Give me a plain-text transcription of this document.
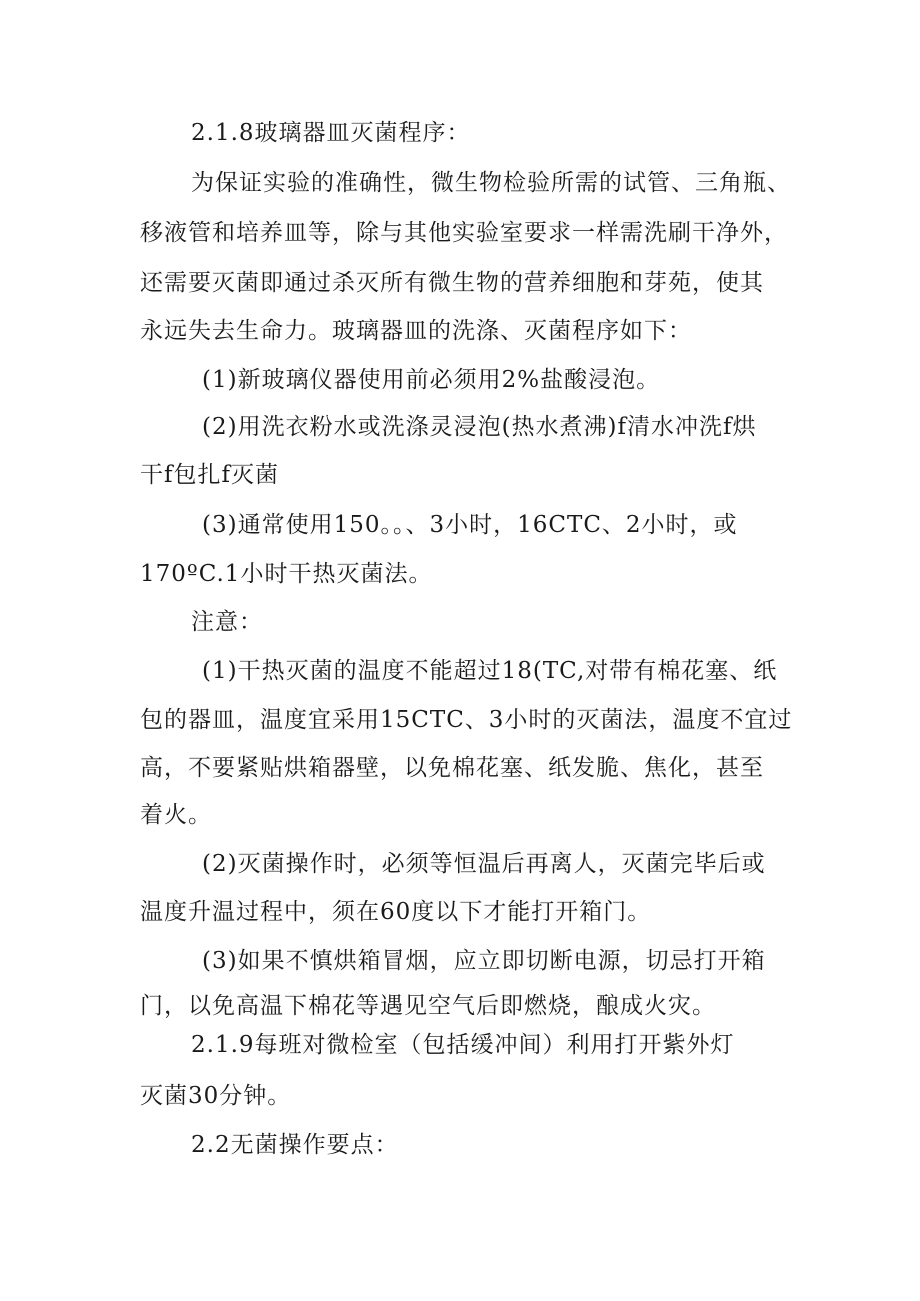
2.1.8玻璃器皿灭菌程序：
为保证实验的准确性，微生物检验所需的试管、三角瓶、
移液管和培养皿等，除与其他实验室要求一样需洗刷干净外，
还需要灭菌即通过杀灭所有微生物的营养细胞和芽苑，使其
永远失去生命力。玻璃器皿的洗涤、灭菌程序如下：
(1)新玻璃仪器使用前必须用2%盐酸浸泡。
(2)用洗衣粉水或洗涤灵浸泡(热水煮沸)f清水冲洗f烘
干f包扎f灭菌
(3)通常使用150。。、3小时，16CTC、2小时，或
170ºC.1小时干热灭菌法。
注意：
(1)干热灭菌的温度不能超过18(TC,对带有棉花塞、纸
包的器皿，温度宜采用15CTC、3小时的灭菌法，温度不宜过
高，不要紧贴烘箱器壁，以免棉花塞、纸发脆、焦化，甚至
着火。
(2)灭菌操作时，必须等恒温后再离人，灭菌完毕后或
温度升温过程中，须在60度以下才能打开箱门。
(3)如果不慎烘箱冒烟，应立即切断电源，切忌打开箱
门，以免高温下棉花等遇见空气后即燃烧，酿成火灾。
2.1.9每班对微检室（包括缓冲间）利用打开紫外灯
灭菌30分钟。
2.2无菌操作要点：
